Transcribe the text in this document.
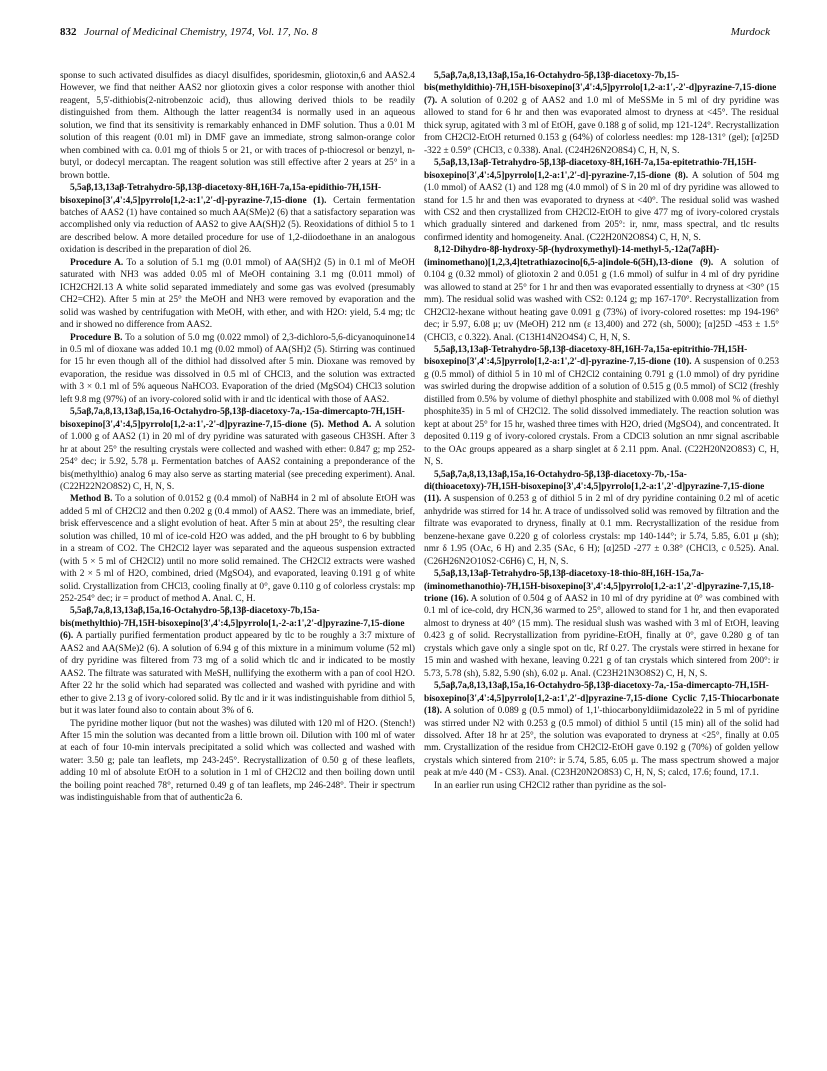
832 Journal of Medicinal Chemistry, 1974, Vol. 17, No. 8	Murdock

sponse to such activated disulfides as diacyl disulfides, sporidesmin, gliotoxin,6 and AAS2.4 However, we find that neither AAS2 nor gliotoxin gives a color response with another thiol reagent, 5,5'-dithiobis(2-nitrobenzoic acid), thus allowing derived thiols to be readily distinguished from them. Although the latter reagent34 is normally used in an aqueous solution, we find that its sensitivity is remarkably enhanced in DMF solution. Thus a 0.01 M solution of this reagent (0.01 ml) in DMF gave an immediate, strong salmon-orange color when combined with ca. 0.01 mg of thiols 5 or 21, or with traces of p-thiocresol or benzyl, n-butyl, or dodecyl mercaptan. The reagent solution was still effective after 2 years at 25° in a brown bottle.

5,5aβ,13,13aβ-Tetrahydro-5β,13β-diacetoxy-8H,16H-7a,15a-epidithio-7H,15H-bisoxepino[3',4':4,5]pyrrolo[1,2-a:1',2'-d]-pyrazine-7,15-dione (1). Certain fermentation batches of AAS2 (1) have contained so much AA(SMe)2 (6) that a satisfactory separation was accomplished only via reduction of AAS2 to give AA(SH)2 (5). Reoxidations of dithiol 5 to 1 are described below. A more detailed procedure for use of 1,2-diiodoethane in an analogous oxidation is described in the preparation of diol 26.

Procedure A. To a solution of 5.1 mg (0.01 mmol) of AA(SH)2 (5) in 0.1 ml of MeOH saturated with NH3 was added 0.05 ml of MeOH containing 3.1 mg (0.011 mmol) of ICH2CH2I.13 A white solid separated immediately and some gas was evolved (presumably CH2=CH2). After 5 min at 25° the MeOH and NH3 were removed by evaporation and the solid was washed by centrifugation with MeOH, with ether, and with H2O: yield, 5.4 mg; tlc and ir showed no difference from AAS2.

Procedure B. To a solution of 5.0 mg (0.022 mmol) of 2,3-dichloro-5,6-dicyanoquinone14 in 0.5 ml of dioxane was added 10.1 mg (0.02 mmol) of AA(SH)2 (5). Stirring was continued for 15 hr even though all of the dithiol had dissolved after 5 min. Dioxane was removed by evaporation, the residue was dissolved in 0.5 ml of CHCl3, and the solution was extracted with 3 × 0.1 ml of 5% aqueous NaHCO3. Evaporation of the dried (MgSO4) CHCl3 solution left 9.8 mg (97%) of an ivory-colored solid with ir and tlc identical with those of AAS2.

5,5aβ,7a,8,13,13aβ,15a,16-Octahydro-5β,13β-diacetoxy-7a,-15a-dimercapto-7H,15H-bisoxepino[3',4':4,5]pyrrolo[1,2-a:1',-2'-d]pyrazine-7,15-dione (5). Method A. A solution of 1.000 g of AAS2 (1) in 20 ml of dry pyridine was saturated with gaseous CH3SH. After 3 hr at about 25° the resulting crystals were collected and washed with ether: 0.847 g; mp 252-254° dec; ir 5.92, 5.78 μ. Fermentation batches of AAS2 containing a preponderance of the bis(methylthio) analog 6 may also serve as starting material (see preceding experiment). Anal. (C22H22N2O8S2) C, H, N, S.

Method B. To a solution of 0.0152 g (0.4 mmol) of NaBH4 in 2 ml of absolute EtOH was added 5 ml of CH2Cl2 and then 0.202 g (0.4 mmol) of AAS2. There was an immediate, brief, brisk effervescence and a slight evolution of heat. After 5 min at about 25°, the resulting clear solution was chilled, 10 ml of ice-cold H2O was added, and the pH brought to 6 by bubbling in a stream of CO2. The CH2Cl2 layer was separated and the aqueous suspension extracted (with 5 × 5 ml of CH2Cl2) until no more solid remained. The CH2Cl2 extracts were washed with 2 × 5 ml of H2O, combined, dried (MgSO4), and evaporated, leaving 0.191 g of white solid. Crystallization from CHCl3, cooling finally at 0°, gave 0.110 g of colorless crystals: mp 252-254° dec; ir = product of method A. Anal. C, H.

5,5aβ,7a,8,13,13aβ,15a,16-Octahydro-5β,13β-diacetoxy-7b,15a-bis(methylthio)-7H,15H-bisoxepino[3',4':4,5]pyrrolo[1,-2-a:1',2'-d]pyrazine-7,15-dione (6). A partially purified fermentation product appeared by tlc to be roughly a 3:7 mixture of AAS2 and AA(SMe)2 (6). A solution of 6.94 g of this mixture in a minimum volume (52 ml) of dry pyridine was filtered from 73 mg of a solid which tlc and ir indicated to be mostly AAS2. The filtrate was saturated with MeSH, nullifying the exotherm with a pan of cool H2O. After 22 hr the solid which had separated was collected and washed with pyridine and with ether to give 2.13 g of ivory-colored solid. By tlc and ir it was indistinguishable from dithiol 5, but it was later found also to contain about 3% of 6.

The pyridine mother liquor (but not the washes) was diluted with 120 ml of H2O. (Stench!) After 15 min the solution was decanted from a little brown oil. Dilution with 100 ml of water at each of four 10-min intervals precipitated a solid which was collected and washed with water: 3.50 g; pale tan leaflets, mp 243-245°. Recrystallization of 0.50 g of these leaflets, adding 10 ml of absolute EtOH to a solution in 1 ml of CH2Cl2 and then boiling down until the boiling point reached 78°, returned 0.49 g of tan leaflets, mp 246-248°. Their ir spectrum was indistinguishable from that of authentic2a 6.

5,5aβ,7a,8,13,13aβ,15a,16-Octahydro-5β,13β-diacetoxy-7b,15-bis(methyldithio)-7H,15H-bisoxepino[3',4':4,5]pyrrolo[1,2-a:1',-2'-d]pyrazine-7,15-dione (7). A solution of 0.202 g of AAS2 and 1.0 ml of MeSSMe in 5 ml of dry pyridine was allowed to stand for 6 hr and then was evaporated almost to dryness at <45°. The residual thick syrup, agitated with 3 ml of EtOH, gave 0.188 g of solid, mp 121-124°. Recrystallization from CH2Cl2-EtOH returned 0.153 g (64%) of colorless needles: mp 128-131° (gel); [α]25D -322 ± 0.59° (CHCl3, c 0.338). Anal. (C24H26N2O8S4) C, H, N, S.

5,5aβ,13,13aβ-Tetrahydro-5β,13β-diacetoxy-8H,16H-7a,15a-epitetrathio-7H,15H-bisoxepino[3',4':4,5]pyrrolo[1,2-a:1',2'-d]-pyrazine-7,15-dione (8). A solution of 504 mg (1.0 mmol) of AAS2 (1) and 128 mg (4.0 mmol) of S in 20 ml of dry pyridine was allowed to stand for 1.5 hr and then was evaporated to dryness at <40°. The residual solid was washed with CS2 and then crystallized from CH2Cl2-EtOH to give 477 mg of ivory-colored crystals which gradually sintered and darkened from 205°: ir, nmr, mass spectral, and tlc results confirmed identity and homogeneity. Anal. (C22H20N2O8S4) C, H, N, S.

8,12-Dihydro-8β-hydroxy-5β-(hydroxymethyl)-14-methyl-5,-12a(7aβH)-(iminomethano)[1,2,3,4]tetrathiazocino[6,5-a]indole-6(5H),13-dione (9). A solution of 0.104 g (0.32 mmol) of gliotoxin 2 and 0.051 g (1.6 mmol) of sulfur in 4 ml of dry pyridine was allowed to stand at 25° for 1 hr and then was evaporated essentially to dryness at <30° (15 mm). The residual solid was washed with CS2: 0.124 g; mp 167-170°. Recrystallization from CH2Cl2-hexane without heating gave 0.091 g (73%) of ivory-colored rosettes: mp 194-196° dec; ir 5.97, 6.08 μ; uv (MeOH) 212 nm (ε 13,400) and 272 (sh, 5000); [α]25D -453 ± 1.5° (CHCl3, c 0.322). Anal. (C13H14N2O4S4) C, H, N, S.

5,5aβ,13,13aβ-Tetrahydro-5β,13β-diacetoxy-8H,16H-7a,15a-epitrithio-7H,15H-bisoxepino[3',4':4,5]pyrrolo[1,2-a:1',2'-d]-pyrazine-7,15-dione (10). A suspension of 0.253 g (0.5 mmol) of dithiol 5 in 10 ml of CH2Cl2 containing 0.791 g (1.0 mmol) of dry pyridine was swirled during the dropwise addition of a solution of 0.515 g (0.5 mmol) of SCl2 (freshly distilled from 0.5% by volume of diethyl phosphite and stabilized with 0.008 mol % of diethyl phosphite35) in 5 ml of CH2Cl2. The solid dissolved immediately. The reaction solution was kept at about 25° for 15 hr, washed three times with H2O, dried (MgSO4), and concentrated. It deposited 0.119 g of ivory-colored crystals. From a CDCl3 solution an nmr signal ascribable to the OAc groups appeared as a sharp singlet at δ 2.11 ppm. Anal. (C22H20N2O8S3) C, H, N, S.

5,5aβ,7a,8,13,13aβ,15a,16-Octahydro-5β,13β-diacetoxy-7b,-15a-di(thioacetoxy)-7H,15H-bisoxepino[3',4':4,5]pyrrolo[1,2-a:1',2'-d]pyrazine-7,15-dione (11). A suspension of 0.253 g of dithiol 5 in 2 ml of dry pyridine containing 0.2 ml of acetic anhydride was stirred for 14 hr. A trace of undissolved solid was removed by filtration and the filtrate was evaporated to dryness, finally at 0.1 mm. Recrystallization of the residue from benzene-hexane gave 0.220 g of colorless crystals: mp 140-144°; ir 5.74, 5.85, 6.01 μ (sh); nmr δ 1.95 (OAc, 6 H) and 2.35 (SAc, 6 H); [α]25D -277 ± 0.38° (CHCl3, c 0.525). Anal. (C26H26N2O10S2·C6H6) C, H, N, S.

5,5aβ,13,13aβ-Tetrahydro-5β,13β-diacetoxy-18-thio-8H,16H-15a,7a-(iminomethanothio)-7H,15H-bisoxepino[3',4':4,5]pyrrolo[1,2-a:1',2'-d]pyrazine-7,15,18-trione (16). A solution of 0.504 g of AAS2 in 10 ml of dry pyridine at 0° was combined with 0.1 ml of ice-cold, dry HCN,36 warmed to 25°, allowed to stand for 1 hr, and then evaporated almost to dryness at 40° (15 mm). The residual slush was washed with 3 ml of EtOH, leaving 0.423 g of solid. Recrystallization from pyridine-EtOH, finally at 0°, gave 0.280 g of tan crystals which gave only a single spot on tlc, Rf 0.27. The crystals were stirred in hexane for 15 min and washed with hexane, leaving 0.221 g of tan crystals which sintered from 200°: ir 5.73, 5.78 (sh), 5.82, 5.90 (sh), 6.02 μ. Anal. (C23H21N3O8S2) C, H, N, S.

5,5aβ,7a,8,13,13aβ,15a,16-Octahydro-5β,13β-diacetoxy-7a,-15a-dimercapto-7H,15H-bisoxepino[3',4':4,5]pyrrolo[1,2-a:1',2'-d]pyrazine-7,15-dione Cyclic 7,15-Thiocarbonate (18). A solution of 0.089 g (0.5 mmol) of 1,1'-thiocarbonyldiimidazole22 in 5 ml of pyridine was stirred under N2 with 0.253 g (0.5 mmol) of dithiol 5 until (15 min) all of the solid had dissolved. After 18 hr at 25°, the solution was evaporated to dryness at <25°, finally at 0.05 mm. Crystallization of the residue from CH2Cl2-EtOH gave 0.192 g (70%) of golden yellow crystals which sintered from 210°: ir 5.74, 5.85, 6.05 μ. The mass spectrum showed a major peak at m/e 440 (M - CS3). Anal. (C23H20N2O8S3) C, H, N, S; calcd, 17.6; found, 17.1.

In an earlier run using CH2Cl2 rather than pyridine as the sol-
